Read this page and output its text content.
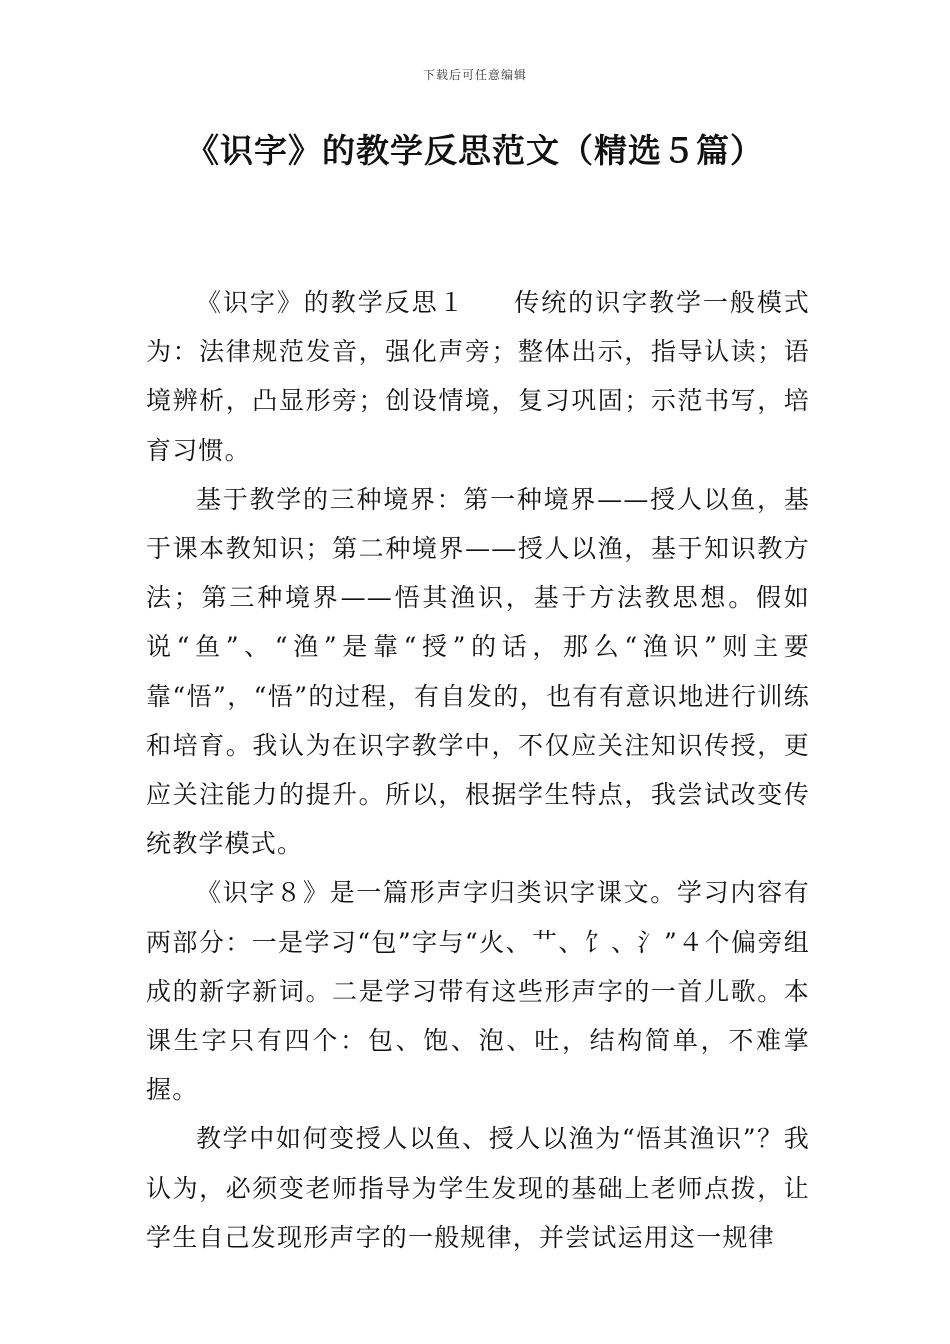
下载后可任意编辑
《识字》的教学反思范文（精选５篇）

《识字》的教学反思１ 传统的识字教学一般模式为：法律规范发音，强化声旁；整体出示，指导认读；语境辨析，凸显形旁；创设情境，复习巩固；示范书写，培育习惯。

基于教学的三种境界：第一种境界——授人以鱼，基于课本教知识；第二种境界——授人以渔，基于知识教方法；第三种境界——悟其渔识，基于方法教思想。假如说“鱼”、“渔”是靠“授”的话，那么“渔识”则主要靠“悟”，“悟”的过程，有自发的，也有有意识地进行训练和培育。我认为在识字教学中，不仅应关注知识传授，更应关注能力的提升。所以，根据学生特点，我尝试改变传统教学模式。

《识字８》是一篇形声字归类识字课文。学习内容有两部分：一是学习“包”字与“火、艹、饣、氵”４个偏旁组成的新字新词。二是学习带有这些形声字的一首儿歌。本课生字只有四个：包、饱、泡、吐，结构简单，不难掌握。

教学中如何变授人以鱼、授人以渔为“悟其渔识”？我认为，必须变老师指导为学生发现的基础上老师点拨，让学生自己发现形声字的一般规律，并尝试运用这一规律
